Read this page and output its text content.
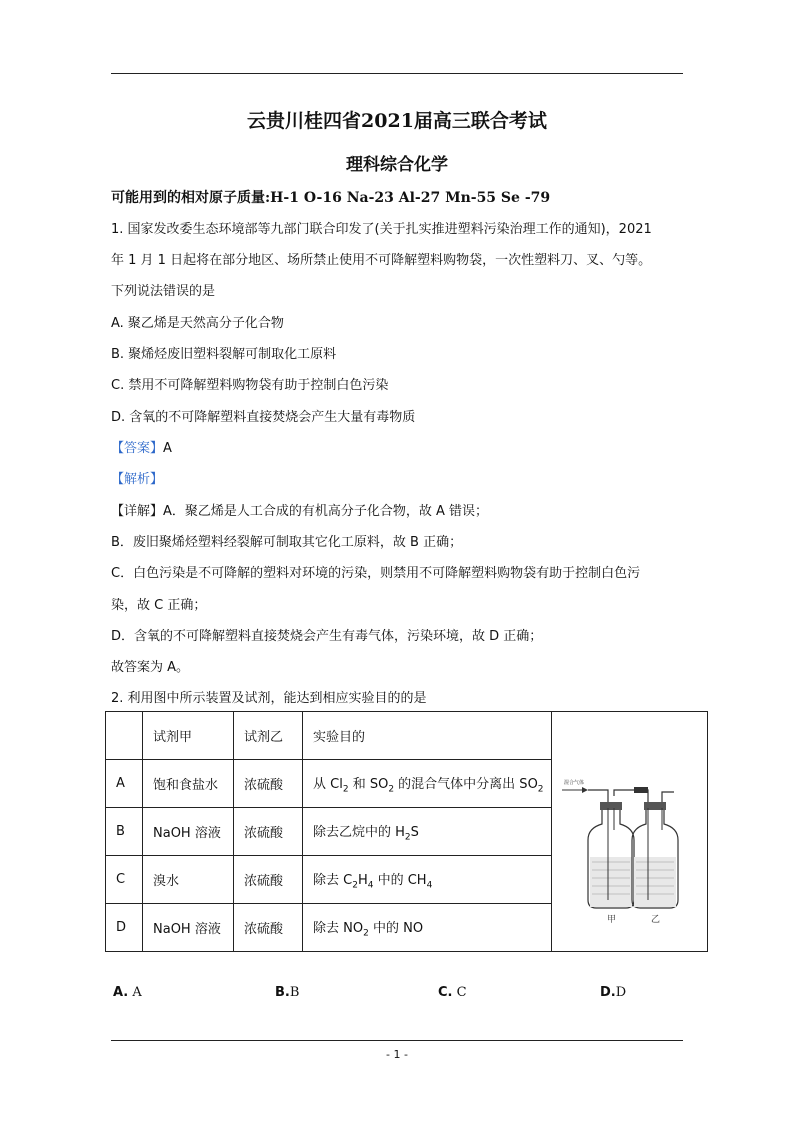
云贵川桂四省2021届高三联合考试
理科综合化学
可能用到的相对原子质量:H-1 O-16 Na-23 Al-27 Mn-55 Se -79
1. 国家发改委生态环境部等九部门联合印发了(关于扎实推进塑料污染治理工作的通知)，2021
年 1 月 1 日起将在部分地区、场所禁止使用不可降解塑料购物袋，一次性塑料刀、叉、勺等。
下列说法错误的是
A. 聚乙烯是天然高分子化合物
B. 聚烯烃废旧塑料裂解可制取化工原料
C. 禁用不可降解塑料购物袋有助于控制白色污染
D. 含氧的不可降解塑料直接焚烧会产生大量有毒物质
【答案】A
【解析】
【详解】A．聚乙烯是人工合成的有机高分子化合物，故 A 错误；
B．废旧聚烯烃塑料经裂解可制取其它化工原料，故 B 正确；
C．白色污染是不可降解的塑料对环境的污染，则禁用不可降解塑料购物袋有助于控制白色污
染，故 C 正确；
D．含氧的不可降解塑料直接焚烧会产生有毒气体，污染环境，故 D 正确；
故答案为 A。
2. 利用图中所示装置及试剂，能达到相应实验目的的是
	试剂甲	试剂乙	实验目的	混合气体
甲 乙

A	饱和食盐水	浓硫酸	从 $Cl_2$ 和 $SO_2$ 的混合气体中分离出 $SO_2$
B	NaOH 溶液	浓硫酸	除去乙烷中的 $H_2S$	
C	溴水	浓硫酸	除去 $C_2H_4$ 中的 $CH_4$
D	NaOH 溶液	浓硫酸	除去 $NO_2$ 中的 NO	
A. A	B.B	C. C	D.D
- 1 -
